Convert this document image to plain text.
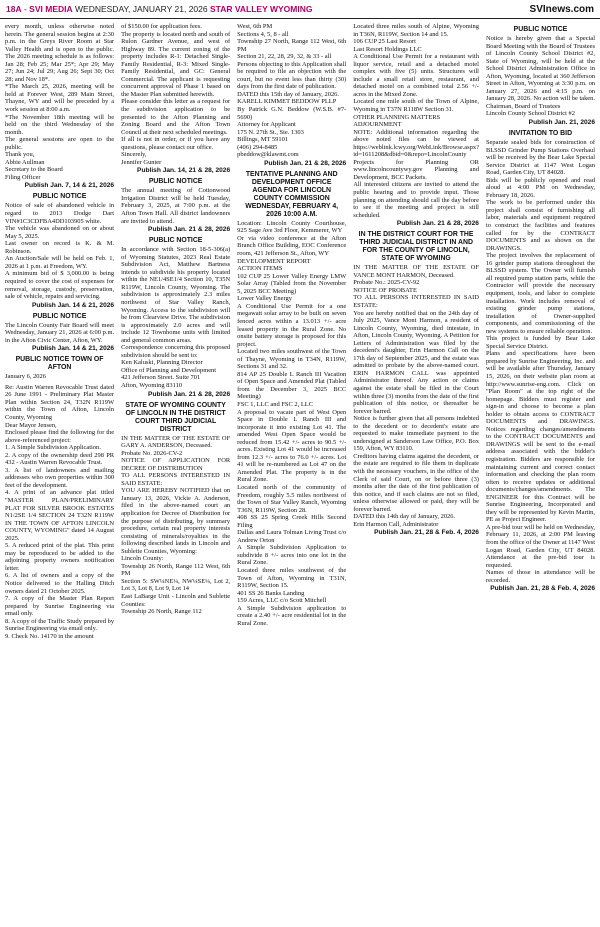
18A - SVI MEDIA WEDNESDAY, JANUARY 21, 2026 STAR VALLEY WYOMING	SVInews.com

every month, unless otherwise noted herein. The general session begins at 2:30 p.m. in the Greys River Room at Star Valley Health and is open to the public. The 2026 meeting schedule is as follows: Jan 28; Feb 25; Mar 25*; Apr 29; May 27; Jun 24; Jul 29; Aug 26; Sept 30; Oct 28; and Nov 18*.

*The March 25, 2026, meeting will be held at Forever West, 289 Main Street, Thayne, WY and will be preceded by a work session at 8:00 a.m.

*The November 18th meeting will be held on the third Wednesday of the month.

The general sessions are open to the public.

Thank you,

Abbie Aullman

Secretary to the Board

Filing Officer

Publish Jan. 7, 14 & 21, 2026
PUBLIC NOTICE

Notice of sale of abandoned vehicle in regard to 2013 Dodge Dart VIN#1C3CDFBA4DD103905 white.

The vehicle was abandoned on or about May 5, 2025.

Last owner on record is K. & M. Robinson.

An Auction/Sale will be held on Feb. 1, 2026 at 1 p.m. at Freedom, WY.

A minimum bid of $ 3,000.00 is being required to cover the cost of expenses for removal, storage, custody, preservation, sale of vehicle, repairs and servicing.

Publish Jan. 14 & 21, 2026
PUBLIC NOTICE

The Lincoln County Fair Board will meet Wednesday, January 21, 2026 at 6:00 p.m. in the Afton Civic Center, Afton, WY.

Publish Jan. 14 & 21, 2026
PUBLIC NOTICE TOWN OF AFTON

January 6, 2026

Re: Austin Warren Revocable Trust dated 26 June 1991 - Preliminary Plat Master Plan within Section 24, T32N R119W within the Town of Afton, Lincoln County, Wyoming

Dear Mayor Jensen,

Enclosed please find the following for the above-referenced project:

1. A Simple Subdivision Application.

2. A copy of the ownership deed 298 PR 432 - Austin Warren Revocable Trust.

3. A list of landowners and mailing addresses who own properties within 300 feet of the development.

4. A print of an advance plat titled "MASTER PLAN/PRELIMINARY PLAT FOR SILVER BROOK ESTATES N1/2SE 1/4 SECTION 24 T32N R119W IN THE TOWN OF AFTON LINCOLN COUNTY, WYOMING" dated 14 August 2025.

5. A reduced print of the plat. This print may be reproduced to be added to the adjoining property owners notification letter.

6. A list of owners and a copy of the Notice delivered to the Halling Ditch owners dated 21 October 2025.

7. A copy of the Master Plan Report prepared by Sunrise Engineering via email only.

8. A copy of the Traffic Study prepared by Sunrise Engineering via email only.

9. Check No. 14170 in the amount

of $150.00 for application fees.

The property is located north and south of Rulon Gardner Avenue, and west of Highway 89. The current zoning of the property includes R-1: Detached Single-Family Residential, R-3: Mixed Single-Family Residential, and GC: General Commercial. The applicant is requesting concurrent approval of Phase 1 based on the Master Plan submitted herewith.

Please consider this letter as a request for the subdivision application to be presented to the Afton Planning and Zoning Board and the Afton Town Council at their next scheduled meetings.

If all is not in order, or if you have any questions, please contact our office.

Sincerely,

Jennifer Gunter

Publish Jan. 14, 21 & 28, 2026
PUBLIC NOTICE

The annual meeting of Cottonwood Irrigation District will be held Tuesday, February 3, 2025, at 7:00 p.m. at the Afton Town Hall. All district landowners are invited to attend.

Publish Jan. 21 & 28, 2026
PUBLIC NOTICE

In accordance with Section 18-5-306(a) of Wyoming Statutes, 2023 Real Estate Subdivision Act, Matthew Bartness intends to subdivide his property located within the NE1/4SE1/4 Section 10, T35N R119W, Lincoln County, Wyoming. The subdivision is approximately 2.3 miles northwest of Star Valley Ranch, Wyoming. Access to the subdivision will be from Clearview Drive. The subdivision is approximately 2.0 acres and will include 12 Townhome units with limited and general common areas.

Correspondence concerning this proposed subdivision should be sent to:

Ken Kaluski, Planning Director

Office of Planning and Development

421 Jefferson Street. Suite 701

Afton, Wyoming 83110

Publish Jan. 21 & 28, 2026
STATE OF WYOMING COUNTY OF LINCOLN IN THE DISTRICT COURT THIRD JUDICIAL DISTRICT

IN THE MATTER OF THE ESTATE OF GARY A. ANDERSON, Deceased.

Probate No. 2026-CV-2

NOTICE OF APPLICATION FOR DECREE OF DISTRIBUTION

TO ALL PERSONS INTERESTED IN SAID ESTATE:

YOU ARE HEREBY NOTIFIED that on January 13, 2026, Vickie A. Anderson, filed in the above-named court an application for Decree of Distribution for the purpose of distributing, by summary procedure, certain real property interests consisting of minerals/royalties in the following described lands in Lincoln and Sublette Counties, Wyoming:

Lincoln County:

Township 26 North, Range 112 West, 6th PM

Section 5: SW¼NE¼, NW¼SE¼, Lot 2, Lot 3, Lot 8, Lot 9, Lot 14

East LaBarge Unit - Lincoln and Sublette Counties:

Township 26 North, Range 112

West, 6th PM

Sections 4, 5, 8 - all

Township 27 North, Range 112 West, 6th PM

Section 21, 22, 28, 29, 32, & 33 - all

Persons objecting to this Application shall be required to file an objection with the court, but no event less than thirty (30) days from the first date of publication.

DATED this 15th day of January, 2026.

KARELL KIMMET BEDDOW PLLP

By Patrick G.N. Beddow (W.S.B. #7-5690)

Attorney for Applicant

175 N. 27th St., Ste. 1303

Billings, MT 59101

(406) 294-8485

pbeddow@klawmt.com

Publish Jan. 21 & 28, 2026
TENTATIVE PLANNING AND DEVELOPMENT OFFICE AGENDA FOR LINCOLN COUNTY COMMISSION WEDNESDAY, FEBRUARY 4, 2026 10:00 A.M.

Location: Lincoln County Courthouse, 925 Sage Ave 3rd Floor, Kemmerer, WY

Or via video conference at the Afton Branch Office Building, EOC Conference room, 421 Jefferson St., Afton, WY

DEVELOPMENT REPORT

ACTION ITEMS

102 CUP 25 Lower Valley Energy LMW Solar Array (Tabled from the November 5, 2025 BCC Meeting)

Lower Valley Energy

A Conditional Use Permit for a one megawatt solar array to be built on seven fenced acres within a 13.013 +/- acre leased property in the Rural Zone. No onsite battery storage is proposed for this project.

Located two miles southwest of the Town of Thayne, Wyoming in T34N, R119W, Sections 31 and 32.

814 AP 25 Double L Ranch III Vacation of Open Space and Amended Plat (Tabled from the December 3, 2025 BCC Meeting)

FSC 1, LLC and FSC 2, LLC

A proposal to vacate part of West Open Space in Double L Ranch III and incorporate it into existing Lot 41. The amended West Open Space would be reduced from 15.42 +/- acres to 90.5 +/- acres. Existing Lot 41 would be increased from 12.3 +/- acres to 76.0 +/- acres. Lot 41 will be re-numbered as Lot 47 on the Amended Plat. The property is in the Rural Zone.

Located north of the community of Freedom, roughly 5.5 miles northwest of the Town of Star Valley Ranch, Wyoming T36N, R119W, Section 28.

408 SS 25 Spring Creek Hills Second Filing

Dallas and Laura Tolman Living Trust c/o Andrew Orton

A Simple Subdivision Application to subdivide 8 +/- acres into one lot in the Rural Zone.

Located three miles southwest of the Town of Afton, Wyoming in T31N, R119W, Section 15.

401 SS 26 Banks Landing

159 Acres, LLC c/o Scott Mitchell

A Simple Subdivision application to create a 2.40 +/- acre residential lot in the Rural Zone.

Located three miles south of Alpine, Wyoming in T36N, R119W, Section 14 and 15.

106 CUP 25 Last Resort

Last Resort Holdings LLC

A Conditional Use Permit for a restaurant with liquor service, retail and a detached motel complex with five (5) units. Structures will include a small retail store, restaurant, and detached motel on a combined total 2.56 +/- acres in the Mixed Zone.

Located one mile south of the Town of Alpine, Wyoming in T37N R118W Section 31.

OTHER PLANNING MATTERS

ADJOURNMENT

NOTE: Additional information regarding the above noted files can be viewed at https://weblink.lcwy.org/WebLink/Browse.aspx?id=1611208&dbid=0&repo=LincolnCounty

Projects for Planning OR www.lincolncountywy.gov Planning and Development, BCC Packets.

All interested citizens are invited to attend the public hearing and to provide input. Those planning on attending should call the day before to see if the meeting and project is still scheduled.

Publish Jan. 21 & 28, 2026
IN THE DISTRICT COURT FOR THE THIRD JUDICIAL DISTRICT IN AND FOR THE COUNTY OF LINCOLN, STATE OF WYOMING

IN THE MATTER OF THE ESTATE OF VANCE MONT HARMON, Deceased.

Probate No.: 2025-CV-92

NOTICE OF PROBATE

TO ALL PERSONS INTERESTED IN SAID ESTATE:

You are hereby notified that on the 24th day of July 2025, Vance Mont Harmon, a resident of Lincoln County, Wyoming, died intestate, in Afton, Lincoln County, Wyoming. A Petition for Letters of Administration was filed by the decedent's daughter, Erin Harmon Call on the 17th day of September 2025, and the estate was admitted to probate by the above-named court. ERIN HARMON CALL was appointed Administrator thereof. Any action or claims against the estate shall be filed in the Court within three (3) months from the date of the first publication of this notice, or thereafter be forever barred.

Notice is further given that all persons indebted to the decedent or to decedent's estate are requested to make immediate payment to the undersigned at Sanderson Law Office, P.O. Box 159, Afton, WY 83110.

Creditors having claims against the decedent, or the estate are required to file them in duplicate with the necessary vouchers, in the office of the Clerk of said Court, on or before three (3) months after the date of the first publication of this notice, and if such claims are not so filed, unless otherwise allowed or paid, they will be forever barred.

DATED this 14th day of January, 2026.

Erin Harmon Call, Administrator

Publish Jan. 21, 28 & Feb. 4, 2026
PUBLIC NOTICE

Notice is hereby given that a Special Board Meeting with the Board of Trustees of Lincoln County School District #2, State of Wyoming, will be held at the School District Administration Office in Afton, Wyoming, located at 360 Jefferson Street in Afton, Wyoming at 3:30 p.m. on January 27, 2026 and 4:15 p.m. on January 28, 2026. No action will be taken.

Chairman, Board of Trustees

Lincoln County School District #2

Publish Jan. 21, 2026
INVITATION TO BID

Separate sealed bids for construction of BLSSD Grinder Pump Stations Overhaul will be received by the Bear Lake Special Service District at 1147 West Logan Road, Garden City, UT 84028.

Bids will be publicly opened and read aloud at 4:00 PM on Wednesday, February 18, 2026.

The work to be performed under this project shall consist of furnishing all labor, materials and equipment required to construct the facilities and features called for by the CONTRACT DOCUMENTS and as shown on the DRAWINGS.

The project involves the replacement of 16 grinder pump stations throughout the BLSSD system. The Owner will furnish all required pump station parts, while the Contractor will provide the necessary equipment, tools, and labor to complete installation. Work includes removal of existing grinder pump stations, installation of Owner-supplied components, and commissioning of the new systems to ensure reliable operation.

This project is funded by Bear Lake Special Service District.

Plans and specifications have been prepared by Sunrise Engineering, Inc. and will be available after Thursday, January 15, 2026, on their website plan room at http://www.sunrise-eng.com. Click on "Plan Room" at the top right of the homepage. Bidders must register and sign-in and choose to become a plan holder to obtain access to CONTRACT DOCUMENTS and DRAWINGS. Notices regarding changes/amendments to the CONTRACT DOCUMENTS and DRAWINGS will be sent to the e-mail address associated with the bidder's registration. Bidders are responsible for maintaining current and correct contact information and checking the plan room often to receive updates or additional documents/changes/amendments. The ENGINEER for this Contract will be Sunrise Engineering, Incorporated and they will be represented by Kevin Martin, PE as Project Engineer.

A pre-bid tour will be held on Wednesday, February 11, 2026, at 2:00 PM leaving from the office of the Owner at 1147 West Logan Road, Garden City, UT 84028. Attendance at the pre-bid tour is requested.

Names of those in attendance will be recorded.

Publish Jan. 21, 28 & Feb. 4, 2026
